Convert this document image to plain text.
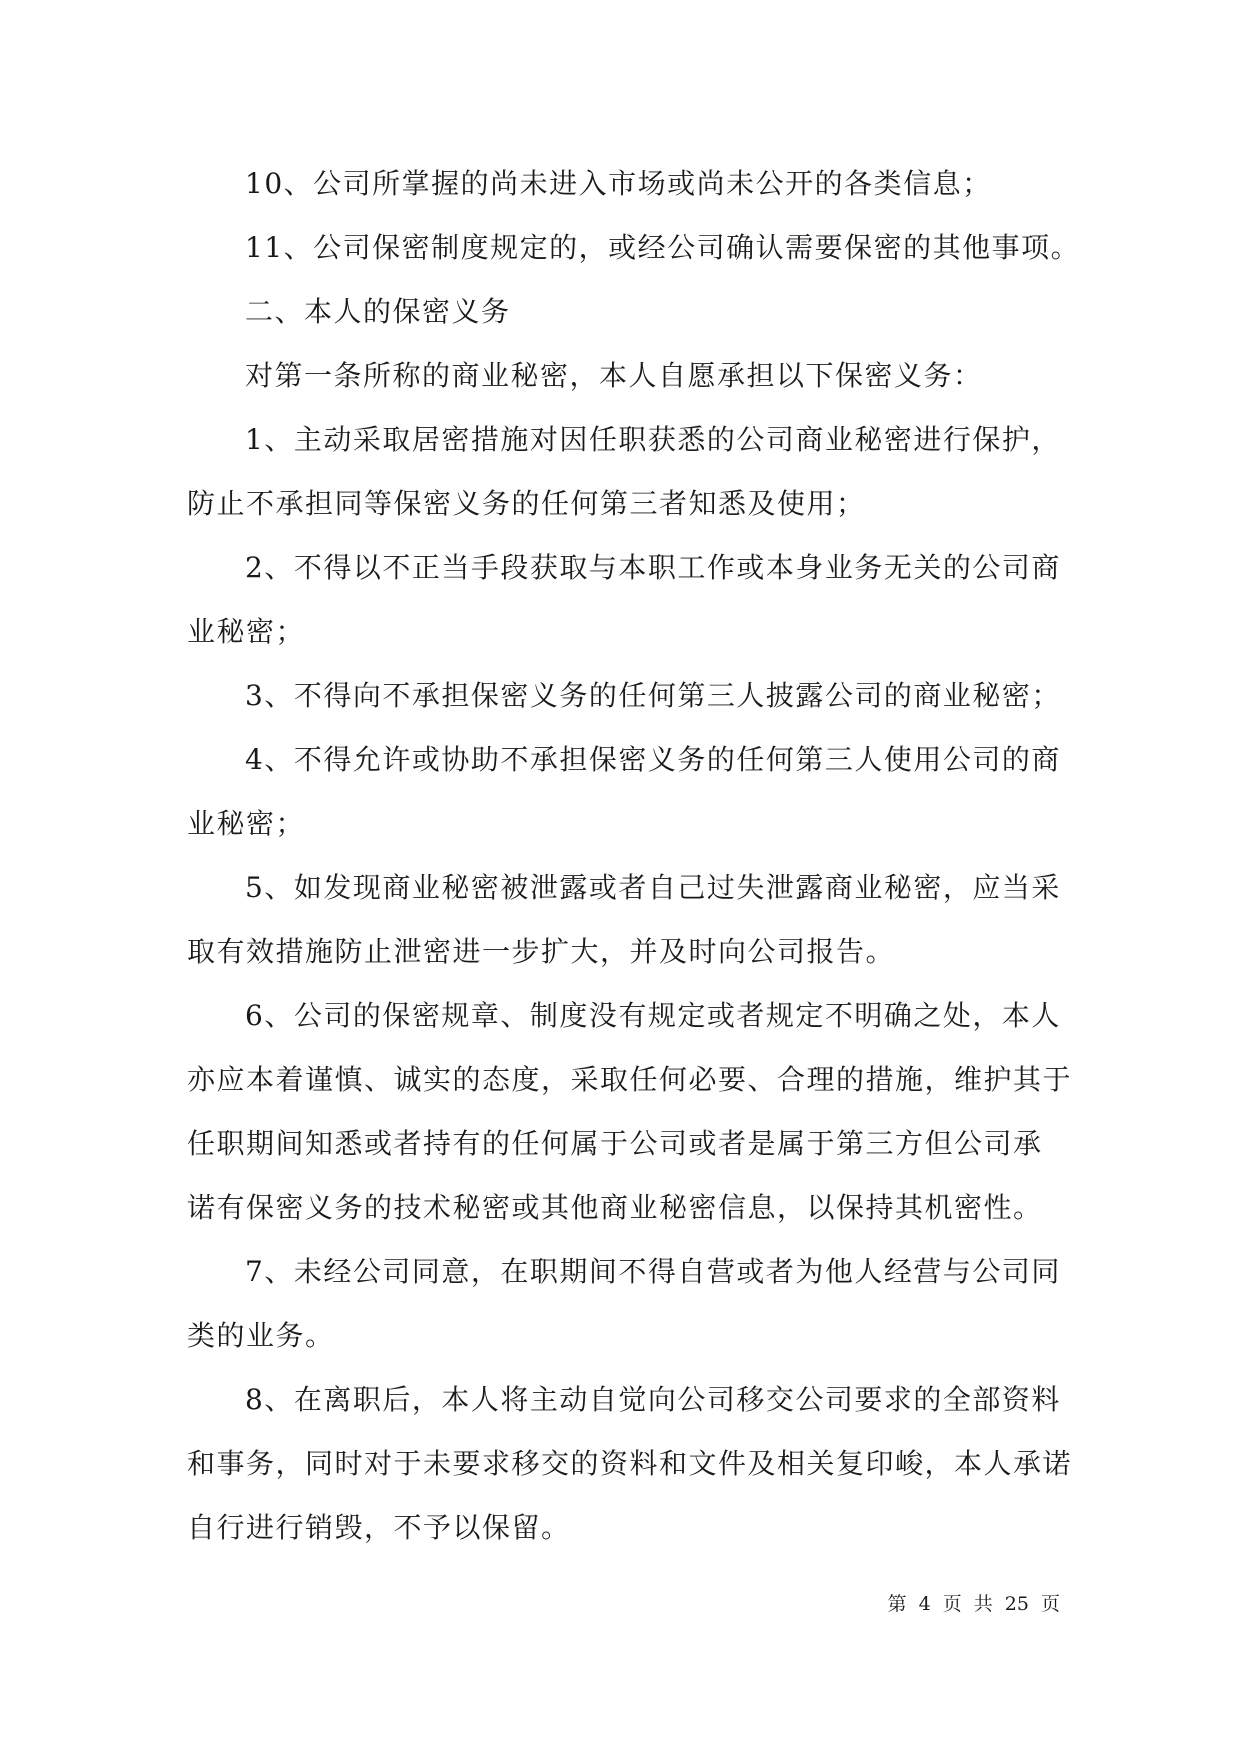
10、公司所掌握的尚未进入市场或尚未公开的各类信息；
11、公司保密制度规定的，或经公司确认需要保密的其他事项。
二、本人的保密义务
对第一条所称的商业秘密，本人自愿承担以下保密义务：
1、主动采取居密措施对因任职获悉的公司商业秘密进行保护，
防止不承担同等保密义务的任何第三者知悉及使用；
2、不得以不正当手段获取与本职工作或本身业务无关的公司商
业秘密；
3、不得向不承担保密义务的任何第三人披露公司的商业秘密；
4、不得允许或协助不承担保密义务的任何第三人使用公司的商
业秘密；
5、如发现商业秘密被泄露或者自己过失泄露商业秘密，应当采
取有效措施防止泄密进一步扩大，并及时向公司报告。
6、公司的保密规章、制度没有规定或者规定不明确之处，本人
亦应本着谨慎、诚实的态度，采取任何必要、合理的措施，维护其于
任职期间知悉或者持有的任何属于公司或者是属于第三方但公司承
诺有保密义务的技术秘密或其他商业秘密信息，以保持其机密性。
7、未经公司同意，在职期间不得自营或者为他人经营与公司同
类的业务。
8、在离职后，本人将主动自觉向公司移交公司要求的全部资料
和事务，同时对于未要求移交的资料和文件及相关复印峻，本人承诺
自行进行销毁，不予以保留。
第 4 页 共 25 页
